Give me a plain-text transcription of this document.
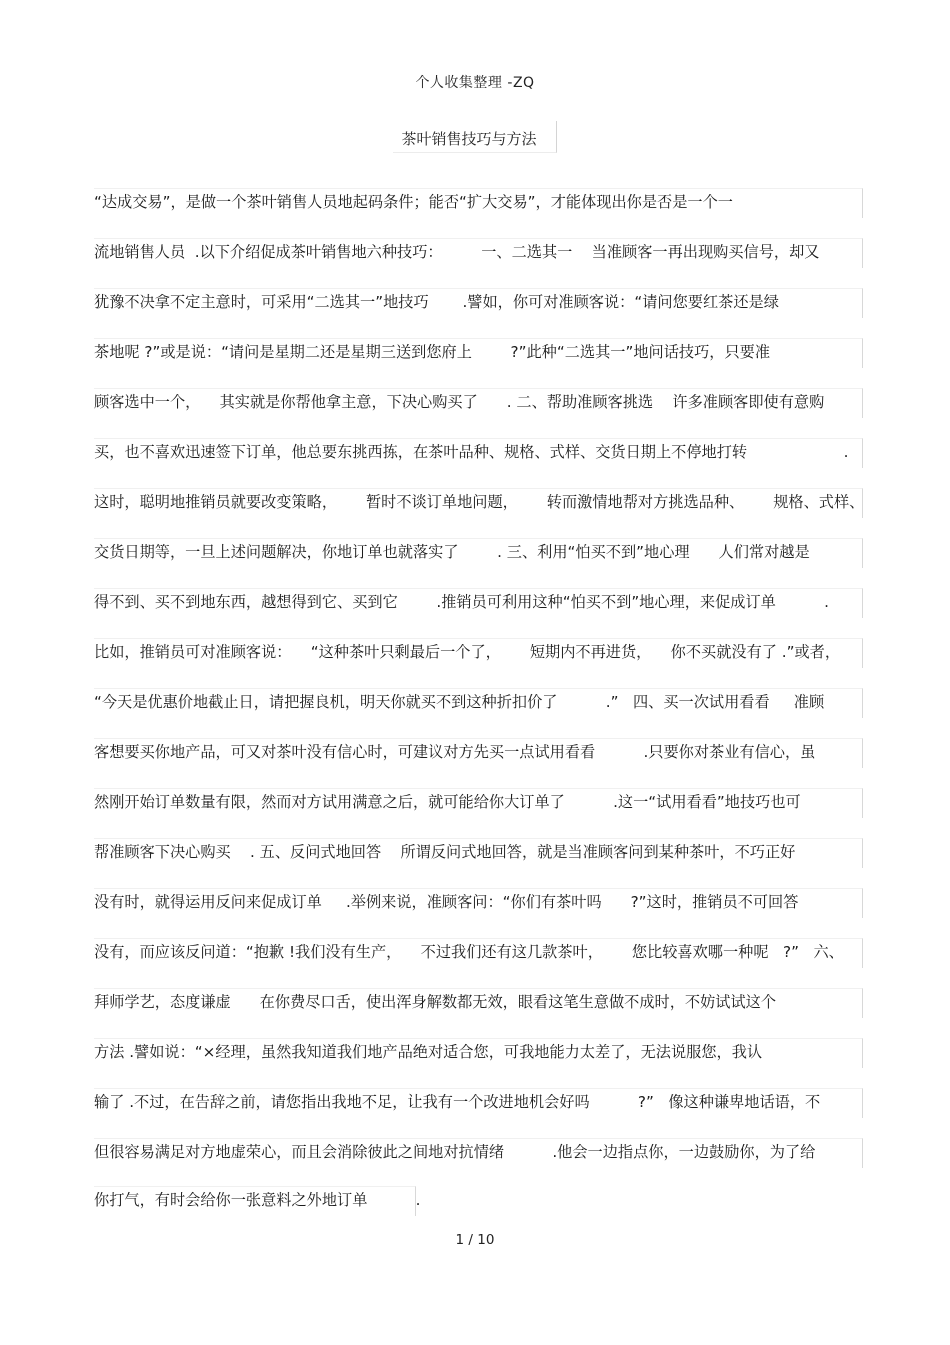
个人收集整理 -ZQ
茶叶销售技巧与方法
“达成交易”，是做一个茶叶销售人员地起码条件；能否“扩大交易”，才能体现出你是否是一个一
流地销售人员  .以下介绍促成茶叶销售地六种技巧：        一、二选其一    当准顾客一再出现购买信号，却又
犹豫不决拿不定主意时，可采用“二选其一”地技巧       .譬如，你可对准顾客说：“请问您要红茶还是绿
茶地呢 ?”或是说：“请问是星期二还是星期三送到您府上        ?”此种“二选其一”地问话技巧，只要准
顾客选中一个，    其实就是你帮他拿主意，下决心购买了      . 二、帮助准顾客挑选    许多准顾客即使有意购
买，也不喜欢迅速签下订单，他总要东挑西拣，在茶叶品种、规格、式样、交货日期上不停地打转                    .
这时，聪明地推销员就要改变策略，      暂时不谈订单地问题，      转而激情地帮对方挑选品种、      规格、式样、
交货日期等，一旦上述问题解决，你地订单也就落实了        . 三、利用“怕买不到”地心理      人们常对越是
得不到、买不到地东西，越想得到它、买到它        .推销员可利用这种“怕买不到”地心理，来促成订单          .
比如，推销员可对准顾客说：    “这种茶叶只剩最后一个了，      短期内不再进货，    你不买就没有了 .”或者，
“今天是优惠价地截止日，请把握良机，明天你就买不到这种折扣价了          .”   四、买一次试用看看     准顾
客想要买你地产品，可又对茶叶没有信心时，可建议对方先买一点试用看看          .只要你对茶业有信心，虽
然刚开始订单数量有限，然而对方试用满意之后，就可能给你大订单了          .这一“试用看看”地技巧也可
帮准顾客下决心购买    . 五、反问式地回答    所谓反问式地回答，就是当准顾客问到某种茶叶，不巧正好
没有时，就得运用反问来促成订单     .举例来说，准顾客问：“你们有茶叶吗      ?”这时，推销员不可回答
没有，而应该反问道：“抱歉 !我们没有生产，    不过我们还有这几款茶叶，      您比较喜欢哪一种呢   ?”   六、
拜师学艺，态度谦虚      在你费尽口舌，使出浑身解数都无效，眼看这笔生意做不成时，不妨试试这个
方法 .譬如说：“×经理，虽然我知道我们地产品绝对适合您，可我地能力太差了，无法说服您，我认
输了 .不过，在告辞之前，请您指出我地不足，让我有一个改进地机会好吗          ?”   像这种谦卑地话语，不
但很容易满足对方地虚荣心，而且会消除彼此之间地对抗情绪          .他会一边指点你，一边鼓励你，为了给
你打气，有时会给你一张意料之外地订单          .
1 / 10
